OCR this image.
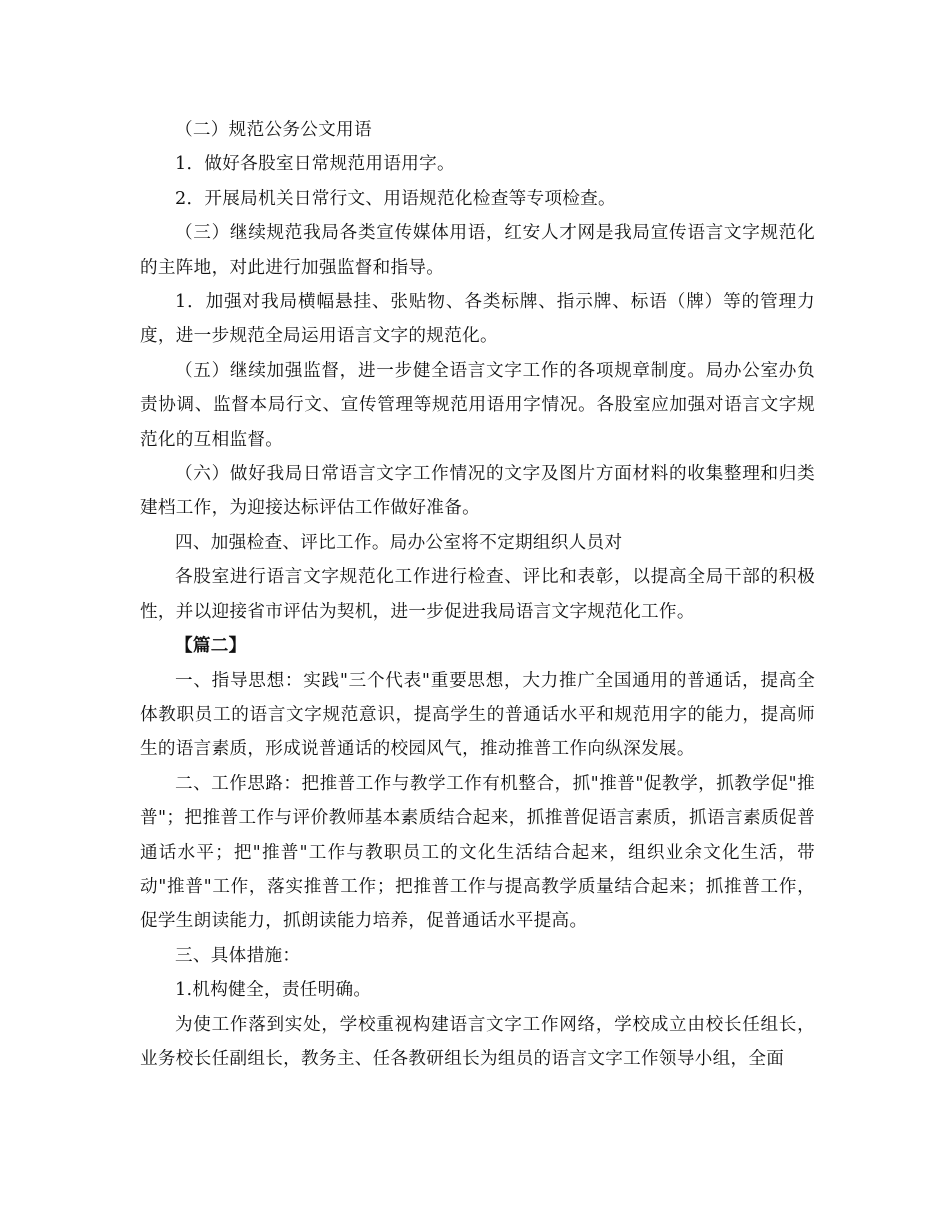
（二）规范公务公文用语

1．做好各股室日常规范用语用字。

2．开展局机关日常行文、用语规范化检查等专项检查。

（三）继续规范我局各类宣传媒体用语，红安人才网是我局宣传语言文字规范化的主阵地，对此进行加强监督和指导。

1．加强对我局横幅悬挂、张贴物、各类标牌、指示牌、标语（牌）等的管理力度，进一步规范全局运用语言文字的规范化。

（五）继续加强监督，进一步健全语言文字工作的各项规章制度。局办公室办负责协调、监督本局行文、宣传管理等规范用语用字情况。各股室应加强对语言文字规范化的互相监督。

（六）做好我局日常语言文字工作情况的文字及图片方面材料的收集整理和归类建档工作，为迎接达标评估工作做好准备。

四、加强检查、评比工作。局办公室将不定期组织人员对

各股室进行语言文字规范化工作进行检查、评比和表彰，以提高全局干部的积极性，并以迎接省市评估为契机，进一步促进我局语言文字规范化工作。

【篇二】

一、指导思想：实践"三个代表"重要思想，大力推广全国通用的普通话，提高全体教职员工的语言文字规范意识，提高学生的普通话水平和规范用字的能力，提高师生的语言素质，形成说普通话的校园风气，推动推普工作向纵深发展。

二、工作思路：把推普工作与教学工作有机整合，抓"推普"促教学，抓教学促"推普"；把推普工作与评价教师基本素质结合起来，抓推普促语言素质，抓语言素质促普通话水平；把"推普"工作与教职员工的文化生活结合起来，组织业余文化生活，带动"推普"工作，落实推普工作；把推普工作与提高教学质量结合起来；抓推普工作，促学生朗读能力，抓朗读能力培养，促普通话水平提高。

三、具体措施：

1.机构健全，责任明确。

为使工作落到实处，学校重视构建语言文字工作网络，学校成立由校长任组长，业务校长任副组长，教务主、任各教研组长为组员的语言文字工作领导小组，全面
